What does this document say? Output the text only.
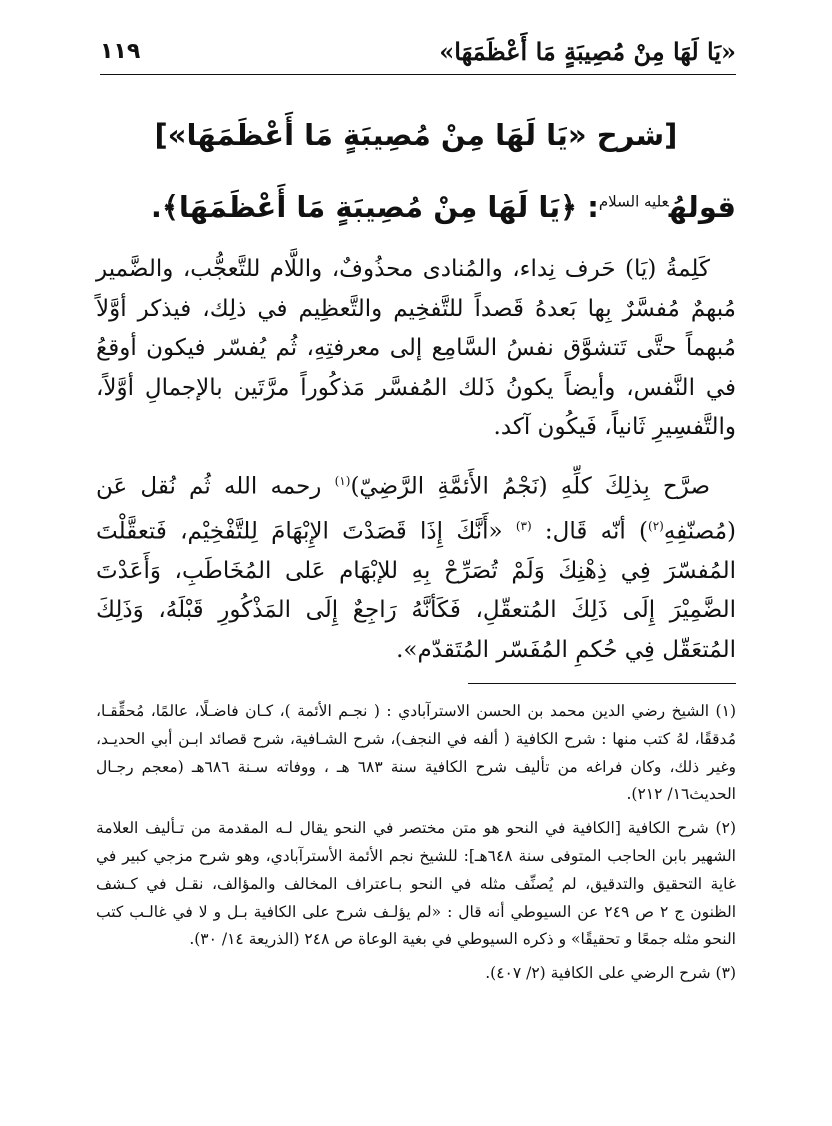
١١٩	«يَا لَهَا مِنْ مُصِيبَةٍ مَا أَعْظَمَهَا»
[شرح «يَا لَهَا مِنْ مُصِيبَةٍ مَا أَعْظَمَهَا»]
قولهُ$^{عليه السلام}$: ﴿يَا لَهَا مِنْ مُصِيبَةٍ مَا أَعْظَمَهَا﴾.

كَلِمةُ (يَا) حَرف نِداء، والمُنادى محذُوفٌ، واللَّام للتَّعجُّب، والضَّمير مُبهمٌ مُفسَّرٌ بِها بَعدهُ قَصداً للتَّفخِيم والتَّعظِيم في ذلِك، فيذكر أوَّلاً مُبهماً حتَّى تَتشوَّق نفسُ السَّامِع إلى معرفتِهِ، ثُم يُفسّر فيكون أوقعُ في النَّفس، وأيضاً يكونُ ذَلك المُفسَّر مَذكُوراً مرَّتَين بالإجمالِ أوَّلاً، والتَّفسِيرِ ثَانياً، فَيكُون آكد.

صرَّح بِذلِكَ كلِّهِ (نَجْمُ الأَئمَّةِ الرَّضِيّ)$^{(١)}$ رحمه الله ثُم نُقل عَن (مُصنّفِهِ$^{(٢)}$) أنّه قَال: $^{(٣)}$ «أَنَّكَ إِذَا قَصَدْتَ الإِبْهَامَ لِلتَّفْخِيْم، فَتعقَّلْتَ المُفسّرَ فِي ذِهْنِكَ وَلَمْ تُصَرِّحْ بِهِ للإبْهَام عَلى المُخَاطَبِ، وَأَعَدْتَ الضَّمِيْرَ إِلَى ذَلِكَ المُتعقّلِ، فَكَأنَّهُ رَاجِعٌ إِلَى المَذْكُورِ قَبْلَهُ، وَذَلِكَ المُتعَقّل فِي حُكمِ المُفَسّر المُتَقدّم».

(١) الشيخ رضي الدين محمد بن الحسن الاسترآبادي : ( نجـم الأئمة )، كـان فاضـلًا، عالمًا، مُحقِّقـا، مُدققًا، لهُ كتب منها : شرح الكافية ( ألفه في النجف)، شرح الشـافية، شرح قصائد ابـن أبي الحديـد، وغير ذلك، وكان فراغه من تأليف شرح الكافية سنة ٦٨٣ هـ ، ووفاته سـنة ٦٨٦هـ (معجم رجـال الحديث١٦/ ٢١٢).

(٢) شرح الكافية [الكافية في النحو هو متن مختصر في النحو يقال لـه المقدمة من تـأليف العلامة الشهير بابن الحاجب المتوفى سنة ٦٤٨هـ]: للشيخ نجم الأئمة الأسترآبادي، وهو شرح مزجي كبير في غاية التحقيق والتدقيق، لم يُصنِّف مثله في النحو بـاعتراف المخالف والمؤالف، نقـل في كـشف الظنون ج ٢ ص ٢٤٩ عن السيوطي أنه قال : «لم يؤلـف شرح على الكافية بـل و لا في غالـب كتب النحو مثله جمعًا و تحقيقًا» و ذكره السيوطي في بغية الوعاة ص ٢٤٨ (الذريعة ١٤/ ٣٠).

(٣) شرح الرضي على الكافية (٢/ ٤٠٧).
